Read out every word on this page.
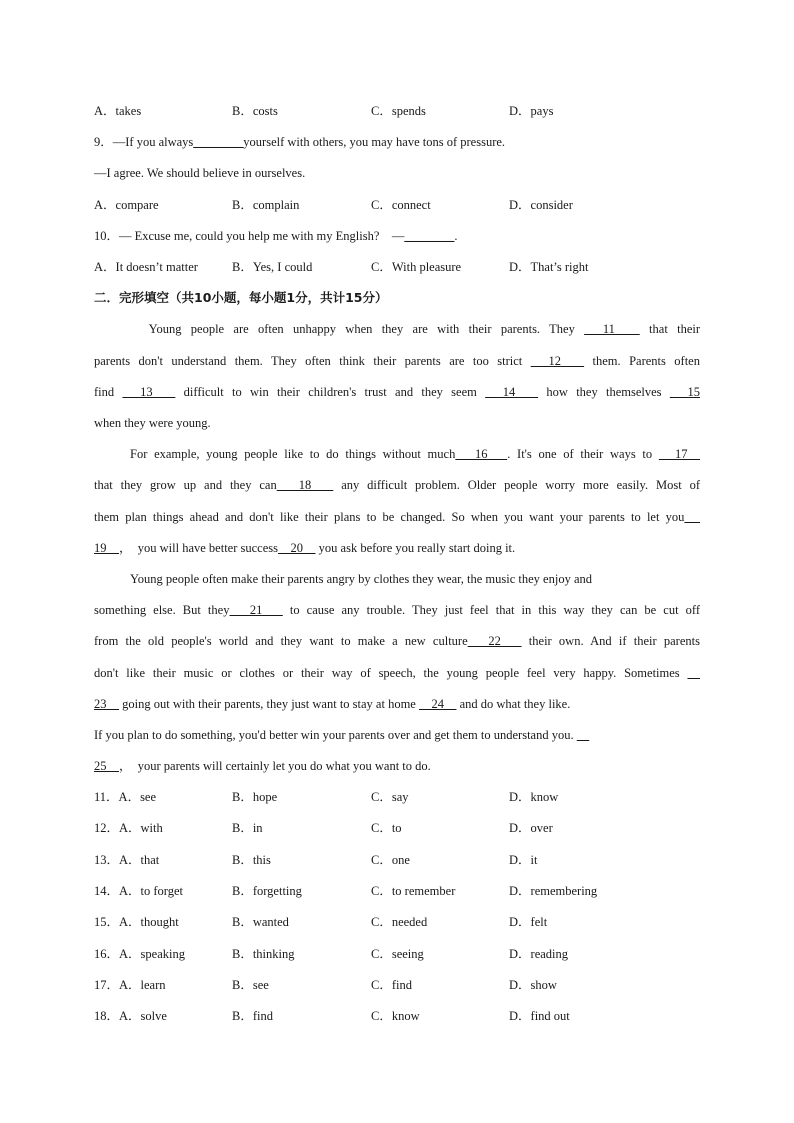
A．takes	B．costs	C．spends	D．pays
9．—If you always________yourself with others, you may have tons of pressure.
—I agree. We should believe in ourselves.
A．compare	B．complain	C．connect	D．consider
10．— Excuse me, could you help me with my English?　—________.
A．It doesn’t matter	B．Yes, I could	C．With pleasure	D．That’s right
二．完形填空（共10小题，每小题1分，共计15分）
　Young people are often unhappy when they are with their parents. They 　11　 that their
parents don't understand them. They often think their parents are too strict 　12　 them. Parents often
find 　13　 difficult to win their children's trust and they seem 　14　 how they themselves 　15
when they were young.
For example, young people like to do things without much　16　. It's one of their ways to 　17　
that they grow up and they can　18　 any difficult problem. Older people worry more easily. Most of
them plan things ahead and don't like their plans to be changed. So when you want your parents to let you　
19　，　you will have better success　20　 you ask before you really start doing it.
Young people often make their parents angry by clothes they wear, the music they enjoy and
something else. But they　21　 to cause any trouble. They just feel that in this way they can be cut off
from the old people's world and they want to make a new culture　22　 their own. And if their parents
don't like their music or clothes or their way of speech, the young people feel very happy. Sometimes 　
23　 going out with their parents, they just want to stay at home 　24　 and do what they like.
If you plan to do something, you'd better win your parents over and get them to understand you. 　
25　，　your parents will certainly let you do what you want to do.
11．A．see	B．hope	C．say	D．know
12．A．with	B．in	C．to	D．over
13．A．that	B．this	C．one	D．it
14．A．to forget	B．forgetting	C．to remember	D．remembering
15．A．thought	B．wanted	C．needed	D．felt
16．A．speaking	B．thinking	C．seeing	D．reading
17．A．learn	B．see	C．find	D．show
18．A．solve	B．find	C．know	D．find out
